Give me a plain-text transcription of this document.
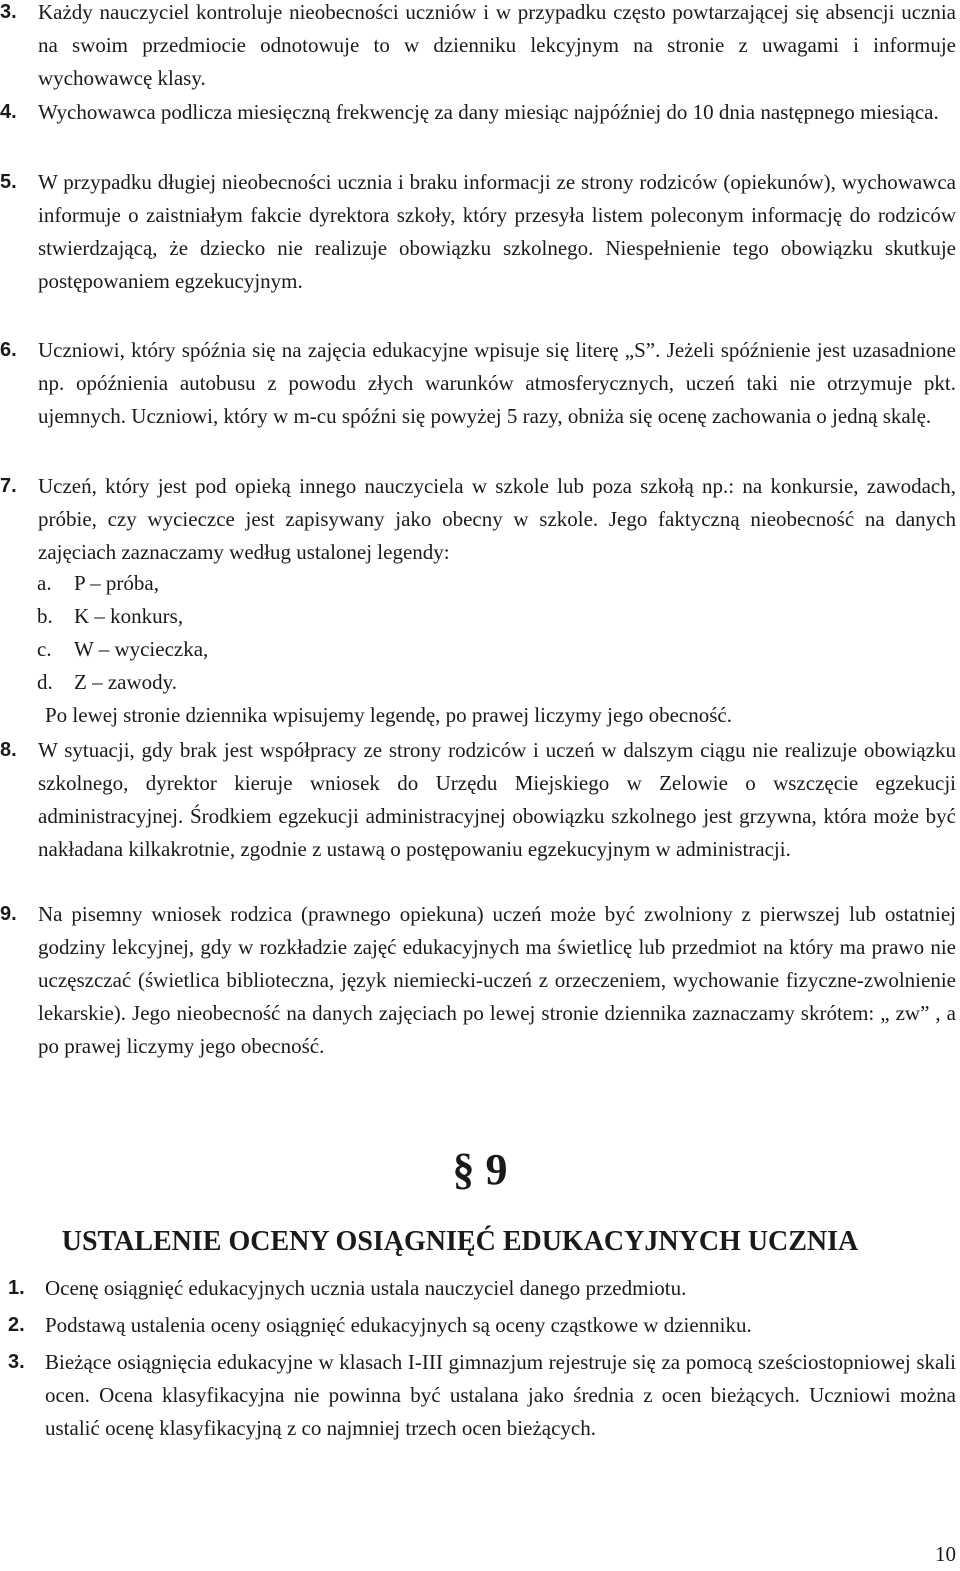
3. Każdy nauczyciel kontroluje nieobecności uczniów i w przypadku często powtarzającej się absencji ucznia na swoim przedmiocie odnotowuje to w dzienniku lekcyjnym na stronie z uwagami i informuje wychowawcę klasy.
4. Wychowawca podlicza miesięczną frekwencję za dany miesiąc najpóźniej do 10 dnia następnego miesiąca.
5. W przypadku długiej nieobecności ucznia i braku informacji ze strony rodziców (opiekunów), wychowawca informuje o zaistniałym fakcie dyrektora szkoły, który przesyła listem poleconym informację do rodziców stwierdzającą, że dziecko nie realizuje obowiązku szkolnego. Niespełnienie tego obowiązku skutkuje postępowaniem egzekucyjnym.
6. Uczniowi, który spóźnia się na zajęcia edukacyjne wpisuje się literę „S”. Jeżeli spóźnienie jest uzasadnione np. opóźnienia autobusu z powodu złych warunków atmosferycznych, uczeń taki nie otrzymuje pkt. ujemnych. Uczniowi, który w m-cu spóźni się powyżej 5 razy, obniża się ocenę zachowania o jedną skalę.
7. Uczeń, który jest pod opieką innego nauczyciela w szkole lub poza szkołą np.: na konkursie, zawodach, próbie, czy wycieczce jest zapisywany jako obecny w szkole. Jego faktyczną nieobecność na danych zajęciach zaznaczamy według ustalonej legendy:
a. P – próba,
b. K – konkurs,
c. W – wycieczka,
d. Z – zawody.
Po lewej stronie dziennika wpisujemy legendę, po prawej liczymy jego obecność.
8. W sytuacji, gdy brak jest współpracy ze strony rodziców i uczeń w dalszym ciągu nie realizuje obowiązku szkolnego, dyrektor kieruje wniosek do Urzędu Miejskiego w Zelowie o wszczęcie egzekucji administracyjnej. Środkiem egzekucji administracyjnej obowiązku szkolnego jest grzywna, która może być nakładana kilkakrotnie, zgodnie z ustawą o postępowaniu egzekucyjnym w administracji.
9. Na pisemny wniosek rodzica (prawnego opiekuna) uczeń może być zwolniony z pierwszej lub ostatniej godziny lekcyjnej, gdy w rozkładzie zajęć edukacyjnych ma świetlicę lub przedmiot na który ma prawo nie uczęszczać (świetlica biblioteczna, język niemiecki-uczeń z orzeczeniem, wychowanie fizyczne-zwolnienie lekarskie). Jego nieobecność na danych zajęciach po lewej stronie dziennika zaznaczamy skrótem: „ zw” , a po prawej liczymy jego obecność.
§ 9
USTALENIE OCENY OSIĄGNIĘĆ EDUKACYJNYCH UCZNIA
1. Ocenę osiągnięć edukacyjnych ucznia ustala nauczyciel danego przedmiotu.
2. Podstawą ustalenia oceny osiągnięć edukacyjnych są oceny cząstkowe w dzienniku.
3. Bieżące osiągnięcia edukacyjne w klasach I-III gimnazjum rejestruje się za pomocą sześciostopniowej skali ocen. Ocena klasyfikacyjna nie powinna być ustalana jako średnia z ocen bieżących. Uczniowi można ustalić ocenę klasyfikacyjną z co najmniej trzech ocen bieżących.
10
